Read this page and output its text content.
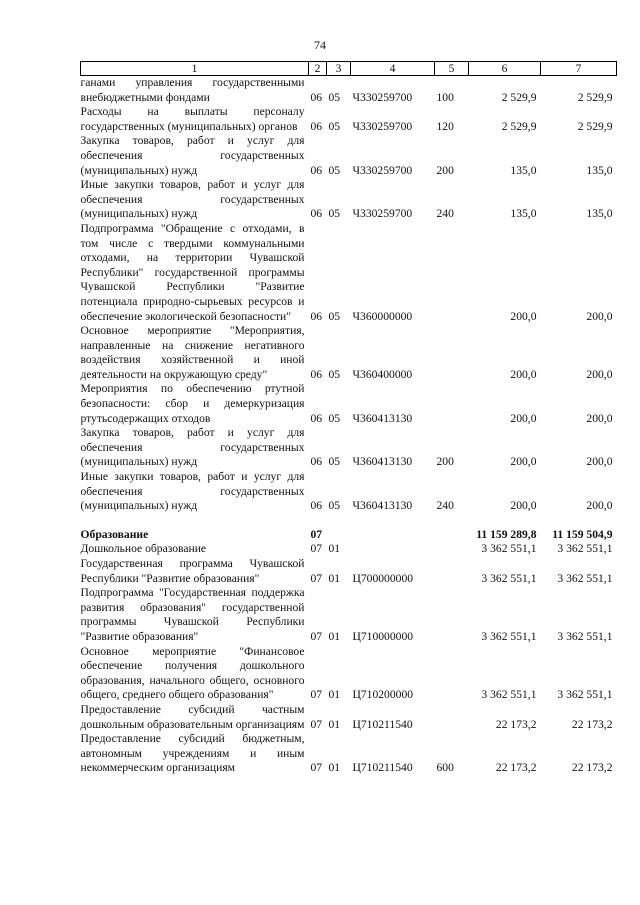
74
1	2	3	4	5	6	7
ганами управления государственными внебюджетными фондами	06	05	Ч330259700	100	2 529,9	2 529,9
Расходы на выплаты персоналу государственных (муниципальных) органов	06	05	Ч330259700	120	2 529,9	2 529,9
Закупка товаров, работ и услуг для обеспечения государственных (муниципальных) нужд	06	05	Ч330259700	200	135,0	135,0
Иные закупки товаров, работ и услуг для обеспечения государственных (муниципальных) нужд	06	05	Ч330259700	240	135,0	135,0
Подпрограмма "Обращение с отходами, в том числе с твердыми коммунальными отходами, на территории Чувашской Республики" государственной программы Чувашской Республики "Развитие потенциала природно-сырьевых ресурсов и обеспечение экологической безопасности"	06	05	Ч360000000		200,0	200,0
Основное мероприятие "Мероприятия, направленные на снижение негативного воздействия хозяйственной и иной деятельности на окружающую среду"	06	05	Ч360400000		200,0	200,0
Мероприятия по обеспечению ртутной безопасности: сбор и демеркуризация ртутьсодержащих отходов	06	05	Ч360413130		200,0	200,0
Закупка товаров, работ и услуг для обеспечения государственных (муниципальных) нужд	06	05	Ч360413130	200	200,0	200,0
Иные закупки товаров, работ и услуг для обеспечения государственных (муниципальных) нужд	06	05	Ч360413130	240	200,0	200,0

Образование	07				11 159 289,8	11 159 504,9
Дошкольное образование	07	01			3 362 551,1	3 362 551,1
Государственная программа Чувашской Республики "Развитие образования"	07	01	Ц700000000		3 362 551,1	3 362 551,1
Подпрограмма "Государственная поддержка развития образования" государственной программы Чувашской Республики "Развитие образования"	07	01	Ц710000000		3 362 551,1	3 362 551,1
Основное мероприятие "Финансовое обеспечение получения дошкольного образования, начального общего, основного общего, среднего общего образования"	07	01	Ц710200000		3 362 551,1	3 362 551,1
Предоставление субсидий частным дошкольным образовательным организациям	07	01	Ц710211540		22 173,2	22 173,2
Предоставление субсидий бюджетным, автономным учреждениям и иным некоммерческим организациям	07	01	Ц710211540	600	22 173,2	22 173,2
